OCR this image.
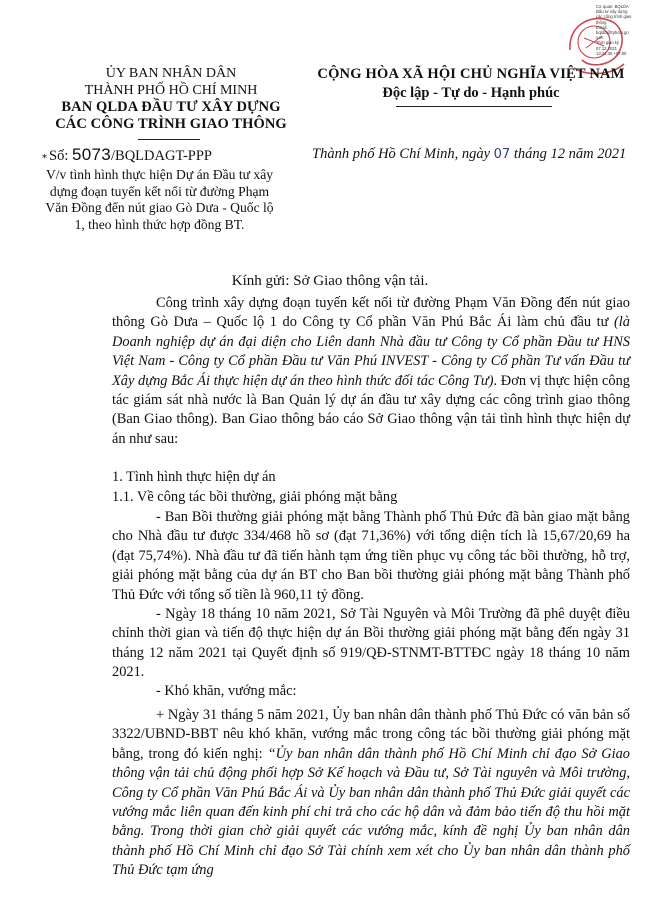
Cơ quan: BQLDA
Đầu tư xây dựng
các công trình giao
thông
Email:
bqldct@tphcm.go
v.vn
Thời gian ký
07.12.2021
13:44:45 +07:00
ỦY BAN NHÂN DÂN
THÀNH PHỐ HỒ CHÍ MINH
BAN QLDA ĐẦU TƯ XÂY DỰNG
CÁC CÔNG TRÌNH GIAO THÔNG
CỘNG HÒA XÃ HỘI CHỦ NGHĨA VIỆT NAM
Độc lập - Tự do - Hạnh phúc
⁎ Số: 5073/BQLDAGT-PPP	Thành phố Hồ Chí Minh, ngày 07 tháng 12 năm 2021
V/v tình hình thực hiện Dự án Đầu tư xây dựng đoạn tuyến kết nối từ đường Phạm Văn Đồng đến nút giao Gò Dưa - Quốc lộ 1, theo hình thức hợp đồng BT.
Kính gửi: Sở Giao thông vận tải.

Công trình xây dựng đoạn tuyến kết nối từ đường Phạm Văn Đồng đến nút giao thông Gò Dưa – Quốc lộ 1 do Công ty Cổ phần Văn Phú Bắc Ái làm chủ đầu tư (là Doanh nghiệp dự án đại diện cho Liên danh Nhà đầu tư Công ty Cổ phần Đầu tư HNS Việt Nam - Công ty Cổ phần Đầu tư Văn Phú INVEST - Công ty Cổ phần Tư vấn Đầu tư Xây dựng Bắc Ái thực hiện dự án theo hình thức đối tác Công Tư). Đơn vị thực hiện công tác giám sát nhà nước là Ban Quản lý dự án đầu tư xây dựng các công trình giao thông (Ban Giao thông). Ban Giao thông báo cáo Sở Giao thông vận tải tình hình thực hiện dự án như sau:

1. Tình hình thực hiện dự án

1.1. Về công tác bồi thường, giải phóng mặt bằng

- Ban Bồi thường giải phóng mặt bằng Thành phố Thủ Đức đã bàn giao mặt bằng cho Nhà đầu tư được 334/468 hồ sơ (đạt 71,36%) với tổng diện tích là 15,67/20,69 ha (đạt 75,74%). Nhà đầu tư đã tiến hành tạm ứng tiền phục vụ công tác bồi thường, hỗ trợ, giải phóng mặt bằng của dự án BT cho Ban bồi thường giải phóng mặt bằng Thành phố Thủ Đức với tổng số tiền là 960,11 tỷ đồng.

- Ngày 18 tháng 10 năm 2021, Sở Tài Nguyên và Môi Trường đã phê duyệt điều chỉnh thời gian và tiến độ thực hiện dự án Bồi thường giải phóng mặt bằng đến ngày 31 tháng 12 năm 2021 tại Quyết định số 919/QĐ-STNMT-BTTĐC ngày 18 tháng 10 năm 2021.

- Khó khăn, vướng mắc:

+ Ngày 31 tháng 5 năm 2021, Ủy ban nhân dân thành phố Thủ Đức có văn bản số 3322/UBND-BBT nêu khó khăn, vướng mắc trong công tác bồi thường giải phóng mặt bằng, trong đó kiến nghị: “Ủy ban nhân dân thành phố Hồ Chí Minh chỉ đạo Sở Giao thông vận tải chủ động phối hợp Sở Kế hoạch và Đầu tư, Sở Tài nguyên và Môi trường, Công ty Cổ phần Văn Phú Bắc Ái và Ủy ban nhân dân thành phố Thủ Đức giải quyết các vướng mắc liên quan đến kinh phí chi trả cho các hộ dân và đảm bảo tiến độ thu hồi mặt bằng. Trong thời gian chờ giải quyết các vướng mắc, kính đề nghị Ủy ban nhân dân thành phố Hồ Chí Minh chỉ đạo Sở Tài chính xem xét cho Ủy ban nhân dân thành phố Thủ Đức tạm ứng
